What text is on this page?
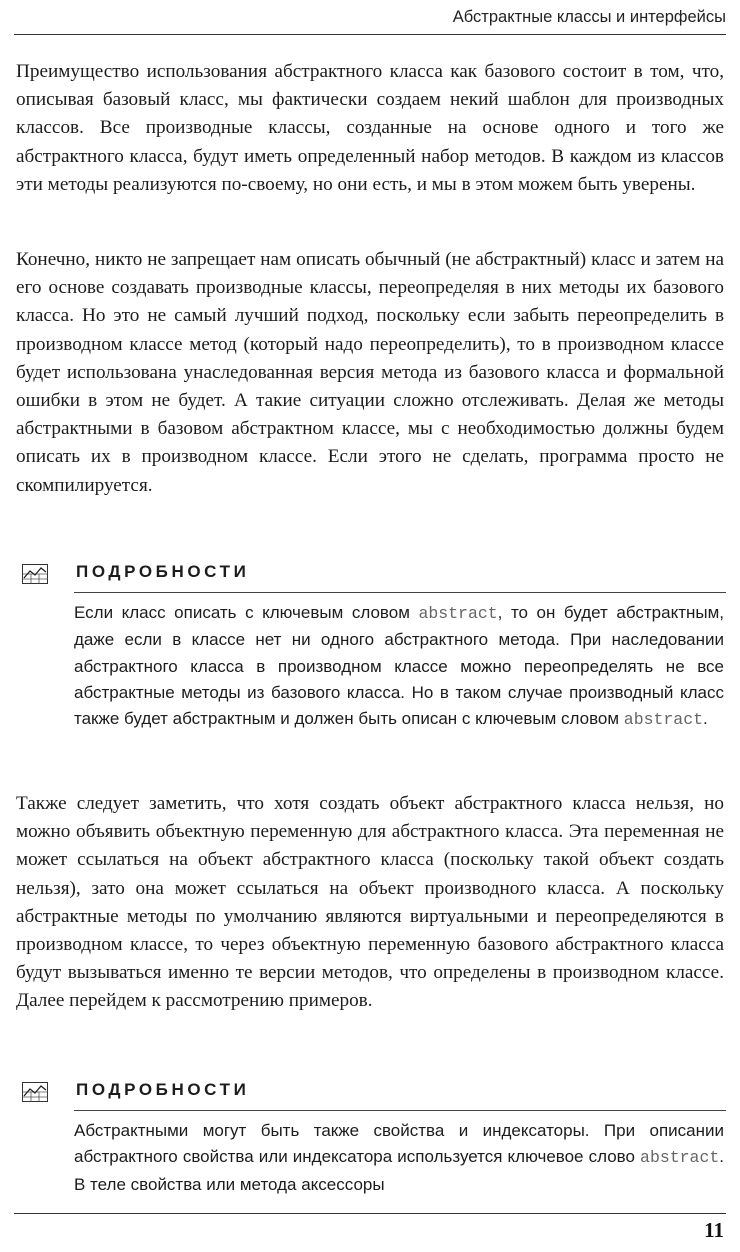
Абстрактные классы и интерфейсы

Преимущество использования абстрактного класса как базового состоит в том, что, описывая базовый класс, мы фактически создаем некий шаблон для производных классов. Все производные классы, созданные на основе одного и того же абстрактного класса, будут иметь определенный набор методов. В каждом из классов эти методы реализуются по-своему, но они есть, и мы в этом можем быть уверены.

Конечно, никто не запрещает нам описать обычный (не абстрактный) класс и затем на его основе создавать производные классы, переопределяя в них методы их базового класса. Но это не самый лучший подход, поскольку если забыть переопределить в производном классе метод (который надо переопределить), то в производном классе будет использована унаследованная версия метода из базового класса и формальной ошибки в этом не будет. А такие ситуации сложно отслеживать. Делая же методы абстрактными в базовом абстрактном классе, мы с необходимостью должны будем описать их в производном классе. Если этого не сделать, программа просто не скомпилируется.

ПОДРОБНОСТИ

Если класс описать с ключевым словом abstract, то он будет абстрактным, даже если в классе нет ни одного абстрактного метода. При наследовании абстрактного класса в производном классе можно переопределять не все абстрактные методы из базового класса. Но в таком случае производный класс также будет абстрактным и должен быть описан с ключевым словом abstract.

Также следует заметить, что хотя создать объект абстрактного класса нельзя, но можно объявить объектную переменную для абстрактного класса. Эта переменная не может ссылаться на объект абстрактного класса (поскольку такой объект создать нельзя), зато она может ссылаться на объект производного класса. А поскольку абстрактные методы по умолчанию являются виртуальными и переопределяются в производном классе, то через объектную переменную базового абстрактного класса будут вызываться именно те версии методов, что определены в производном классе. Далее перейдем к рассмотрению примеров.

ПОДРОБНОСТИ

Абстрактными могут быть также свойства и индексаторы. При описании абстрактного свойства или индексатора используется ключевое слово abstract. В теле свойства или метода аксессоры

11
